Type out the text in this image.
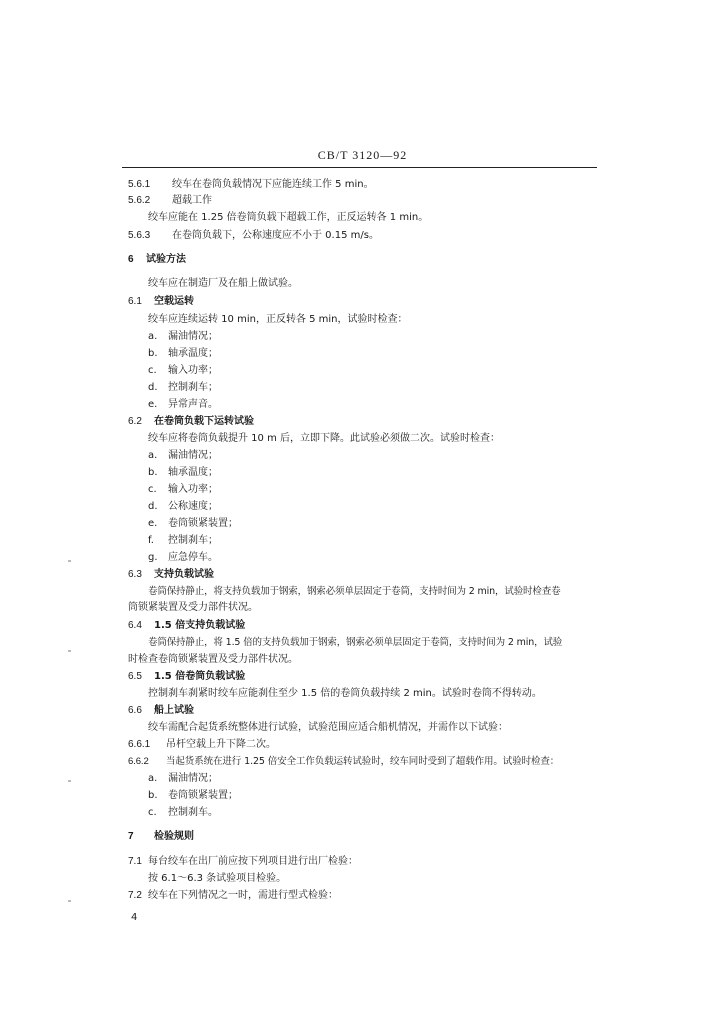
CB/T 3120—92
5.6.1 绞车在卷筒负载情况下应能连续工作 5 min。
5.6.2 超载工作
绞车应能在 1.25 倍卷筒负载下超载工作，正反运转各 1 min。
5.6.3 在卷筒负载下，公称速度应不小于 0.15 m/s。
6 试验方法
绞车应在制造厂及在船上做试验。
6.1 空载运转
绞车应连续运转 10 min，正反转各 5 min，试验时检查：
a. 漏油情况；
b. 轴承温度；
c. 输入功率；
d. 控制刹车；
e. 异常声音。
6.2 在卷筒负载下运转试验
绞车应将卷筒负载提升 10 m 后，立即下降。此试验必须做二次。试验时检查：
a. 漏油情况；
b. 轴承温度；
c. 输入功率；
d. 公称速度；
e. 卷筒锁紧装置；
f. 控制刹车；
g. 应急停车。
6.3 支持负载试验
卷筒保持静止，将支持负载加于钢索，钢索必须单层固定于卷筒，支持时间为 2 min，试验时检查卷
筒锁紧装置及受力部件状况。
6.4 1.5 倍支持负载试验
卷筒保持静止，将 1.5 倍的支持负载加于钢索，钢索必须单层固定于卷筒，支持时间为 2 min，试验
时检查卷筒锁紧装置及受力部件状况。
6.5 1.5 倍卷筒负载试验
控制刹车刹紧时绞车应能刹住至少 1.5 倍的卷筒负载持续 2 min。试验时卷筒不得转动。
6.6 船上试验
绞车需配合起货系统整体进行试验，试验范围应适合船机情况，并需作以下试验：
6.6.1 吊杆空载上升下降二次。
6.6.2 当起货系统在进行 1.25 倍安全工作负载运转试验时，绞车同时受到了超载作用。试验时检查：
a. 漏油情况；
b. 卷筒锁紧装置；
c. 控制刹车。
7 检验规则
7.1 每台绞车在出厂前应按下列项目进行出厂检验：
按 6.1～6.3 条试验项目检验。
7.2 绞车在下列情况之一时，需进行型式检验：
4
